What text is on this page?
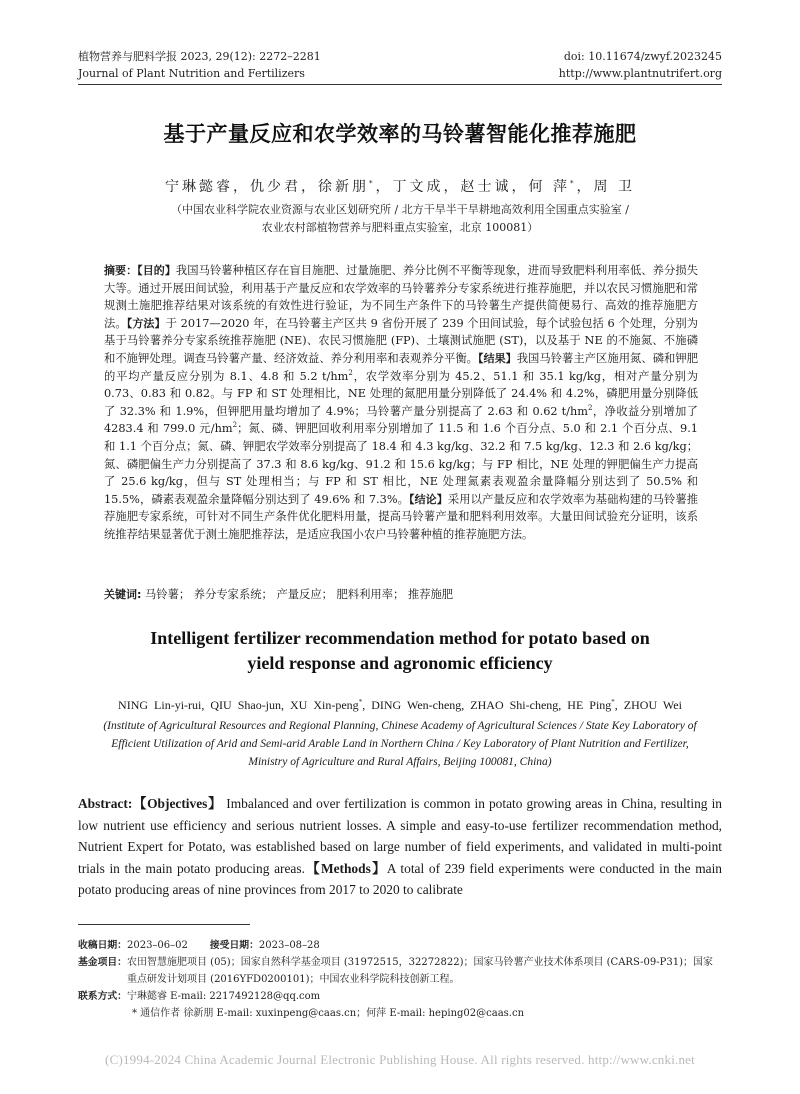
植物营养与肥料学报 2023, 29(12): 2272–2281
Journal of Plant Nutrition and Fertilizers
doi: 10.11674/zwyf.2023245
http://www.plantnutrifert.org
基于产量反应和农学效率的马铃薯智能化推荐施肥
宁琳懿睿，仇少君，徐新朋*，丁文成，赵士诚，何 萍*，周 卫
（中国农业科学院农业资源与农业区划研究所 / 北方干旱半干旱耕地高效利用全国重点实验室 /
农业农村部植物营养与肥料重点实验室，北京 100081）
摘要：【目的】我国马铃薯种植区存在盲目施肥、过量施肥、养分比例不平衡等现象，进而导致肥料利用率低、养分损失大等。通过开展田间试验，利用基于产量反应和农学效率的马铃薯养分专家系统进行推荐施肥，并以农民习惯施肥和常规测土施肥推荐结果对该系统的有效性进行验证，为不同生产条件下的马铃薯生产提供简便易行、高效的推荐施肥方法。【方法】于 2017—2020 年，在马铃薯主产区共 9 省份开展了 239 个田间试验，每个试验包括 6 个处理，分别为基于马铃薯养分专家系统推荐施肥 (NE)、农民习惯施肥 (FP)、土壤测试施肥 (ST)，以及基于 NE 的不施氮、不施磷和不施钾处理。调查马铃薯产量、经济效益、养分利用率和表观养分平衡。【结果】我国马铃薯主产区施用氮、磷和钾肥的平均产量反应分别为 8.1、4.8 和 5.2 $t/hm^2$，农学效率分别为 45.2、51.1 和 35.1 kg/kg，相对产量分别为 0.73、0.83 和 0.82。与 FP 和 ST 处理相比，NE 处理的氮肥用量分别降低了 24.4% 和 4.2%，磷肥用量分别降低了 32.3% 和 1.9%，但钾肥用量均增加了 4.9%；马铃薯产量分别提高了 2.63 和 0.62 $t/hm^2$，净收益分别增加了 4283.4 和 799.0 元$/hm^2$；氮、磷、钾肥回收利用率分别增加了 11.5 和 1.6 个百分点、5.0 和 2.1 个百分点、9.1 和 1.1 个百分点；氮、磷、钾肥农学效率分别提高了 18.4 和 4.3 kg/kg、32.2 和 7.5 kg/kg、12.3 和 2.6 kg/kg；氮、磷肥偏生产力分别提高了 37.3 和 8.6 kg/kg、91.2 和 15.6 kg/kg；与 FP 相比，NE 处理的钾肥偏生产力提高了 25.6 kg/kg，但与 ST 处理相当；与 FP 和 ST 相比，NE 处理氮素表观盈余量降幅分别达到了 50.5% 和 15.5%，磷素表观盈余量降幅分别达到了 49.6% 和 7.3%。【结论】采用以产量反应和农学效率为基础构建的马铃薯推荐施肥专家系统，可针对不同生产条件优化肥料用量，提高马铃薯产量和肥料利用效率。大量田间试验充分证明，该系统推荐结果显著优于测土施肥推荐法，是适应我国小农户马铃薯种植的推荐施肥方法。
关键词: 马铃薯； 养分专家系统； 产量反应； 肥料利用率； 推荐施肥
Intelligent fertilizer recommendation method for potato based on
yield response and agronomic efficiency
NING Lin-yi-rui, QIU Shao-jun, XU Xin-peng*, DING Wen-cheng, ZHAO Shi-cheng, HE Ping*, ZHOU Wei
(Institute of Agricultural Resources and Regional Planning, Chinese Academy of Agricultural Sciences / State Key Laboratory of
Efficient Utilization of Arid and Semi-arid Arable Land in Northern China / Key Laboratory of Plant Nutrition and Fertilizer,
Ministry of Agriculture and Rural Affairs, Beijing 100081, China)
Abstract:【Objectives】 Imbalanced and over fertilization is common in potato growing areas in China, resulting in low nutrient use efficiency and serious nutrient losses. A simple and easy-to-use fertilizer recommendation method, Nutrient Expert for Potato, was established based on large number of field experiments, and validated in multi-point trials in the main potato producing areas.【Methods】A total of 239 field experiments were conducted in the main potato producing areas of nine provinces from 2017 to 2020 to calibrate
收稿日期： 2023–06–02 接受日期： 2023–08–28
基金项目： 农田智慧施肥项目 (05)；国家自然科学基金项目 (31972515，32272822)；国家马铃薯产业技术体系项目 (CARS-09-P31)；国家重点研发计划项目 (2016YFD0200101)；中国农业科学院科技创新工程。
联系方式： 宁琳懿睿 E-mail: 2217492128@qq.com
* 通信作者 徐新朋 E-mail: xuxinpeng@caas.cn；何萍 E-mail: heping02@caas.cn
(C)1994-2024 China Academic Journal Electronic Publishing House. All rights reserved. http://www.cnki.net
